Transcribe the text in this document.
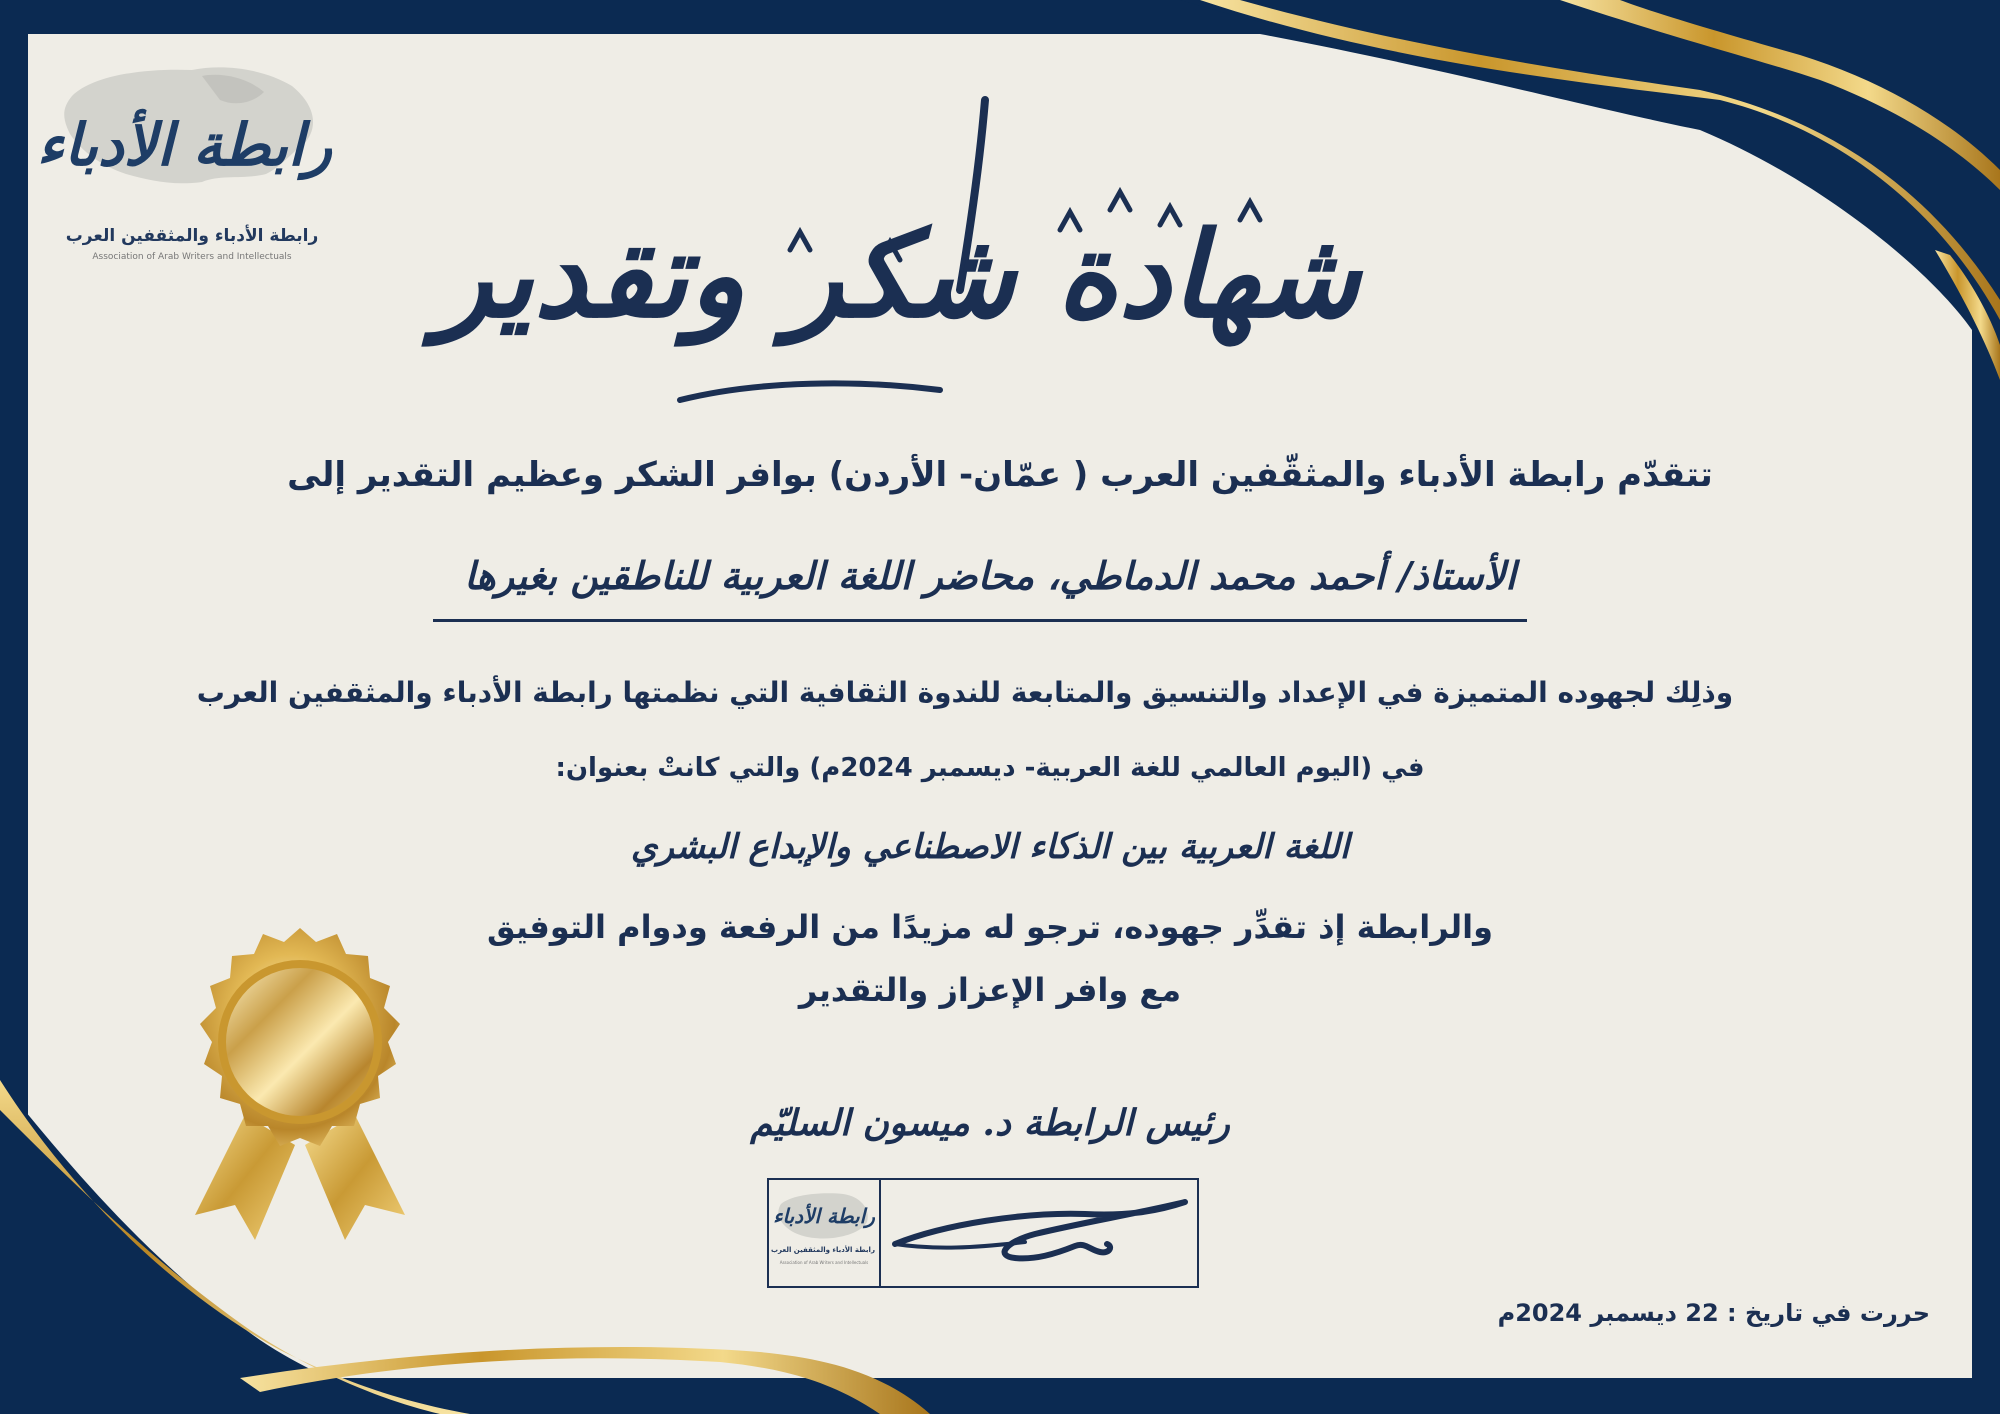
رابطة الأدباء
رابطة الأدباء والمثقفين العرب
Association of Arab Writers and Intellectuals	شهادة شكر وتقدير
تتقدّم رابطة الأدباء والمثقّفين العرب ( عمّان- الأردن) بوافر الشكر وعظيم التقدير إلى
الأستاذ/ أحمد محمد الدماطي، محاضر اللغة العربية للناطقين بغيرها
وذلِك لجهوده المتميزة في الإعداد والتنسيق والمتابعة للندوة الثقافية التي نظمتها رابطة الأدباء والمثقفين العرب
في (اليوم العالمي للغة العربية- ديسمبر 2024م) والتي كانتْ بعنوان:
اللغة العربية بين الذكاء الاصطناعي والإبداع البشري
والرابطة إذ تقدِّر جهوده، ترجو له مزيدًا من الرفعة ودوام التوفيق
مع وافر الإعزاز والتقدير
رئيس الرابطة د. ميسون السليّم
رابطة الأدباء
رابطة الأدباء والمثقفين العرب
Association of Arab Writers and Intellectuals
حررت في تاريخ : 22 ديسمبر 2024م
